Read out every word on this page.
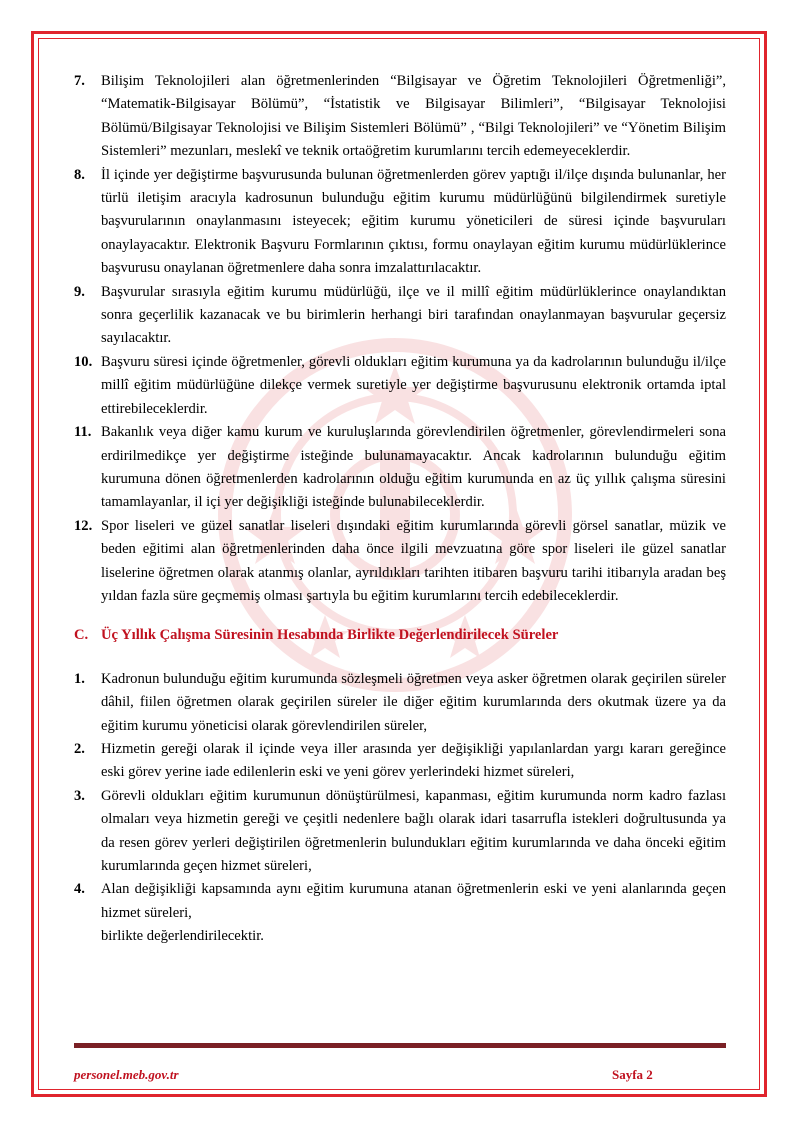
7.	Bilişim Teknolojileri alan öğretmenlerinden “Bilgisayar ve Öğretim Teknolojileri Öğretmenliği”, “Matematik-Bilgisayar Bölümü”, “İstatistik ve Bilgisayar Bilimleri”, “Bilgisayar Teknolojisi Bölümü/Bilgisayar Teknolojisi ve Bilişim Sistemleri Bölümü” , “Bilgi Teknolojileri” ve “Yönetim Bilişim Sistemleri” mezunları, meslekî ve teknik ortaöğretim kurumlarını tercih edemeyeceklerdir.
8.	İl içinde yer değiştirme başvurusunda bulunan öğretmenlerden görev yaptığı il/ilçe dışında bulunanlar, her türlü iletişim aracıyla kadrosunun bulunduğu eğitim kurumu müdürlüğünü bilgilendirmek suretiyle başvurularının onaylanmasını isteyecek; eğitim kurumu yöneticileri de süresi içinde başvuruları onaylayacaktır. Elektronik Başvuru Formlarının çıktısı, formu onaylayan eğitim kurumu müdürlüklerince başvurusu onaylanan öğretmenlere daha sonra imzalattırılacaktır.
9.	Başvurular sırasıyla eğitim kurumu müdürlüğü, ilçe ve il millî eğitim müdürlüklerince onaylandıktan sonra geçerlilik kazanacak ve bu birimlerin herhangi biri tarafından onaylanmayan başvurular geçersiz sayılacaktır.
10. Başvuru süresi içinde öğretmenler, görevli oldukları eğitim kurumuna ya da kadrolarının bulunduğu il/ilçe millî eğitim müdürlüğüne dilekçe vermek suretiyle yer değiştirme başvurusunu elektronik ortamda iptal ettirebileceklerdir.
11. Bakanlık veya diğer kamu kurum ve kuruluşlarında görevlendirilen öğretmenler, görevlendirmeleri sona erdirilmedikçe yer değiştirme isteğinde bulunamayacaktır. Ancak kadrolarının bulunduğu eğitim kurumuna dönen öğretmenlerden kadrolarının olduğu eğitim kurumunda en az üç yıllık çalışma süresini tamamlayanlar, il içi yer değişikliği isteğinde bulunabileceklerdir.
12. Spor liseleri ve güzel sanatlar liseleri dışındaki eğitim kurumlarında görevli görsel sanatlar, müzik ve beden eğitimi alan öğretmenlerinden daha önce ilgili mevzuatına göre spor liseleri ile güzel sanatlar liselerine öğretmen olarak atanmış olanlar, ayrıldıkları tarihten itibaren başvuru tarihi itibarıyla aradan beş yıldan fazla süre geçmemiş olması şartıyla bu eğitim kurumlarını tercih edebileceklerdir.
C. Üç Yıllık Çalışma Süresinin Hesabında Birlikte Değerlendirilecek Süreler
1.	Kadronun bulunduğu eğitim kurumunda sözleşmeli öğretmen veya asker öğretmen olarak geçirilen süreler dâhil, fiilen öğretmen olarak geçirilen süreler ile diğer eğitim kurumlarında ders okutmak üzere ya da eğitim kurumu yöneticisi olarak görevlendirilen süreler,
2.	Hizmetin gereği olarak il içinde veya iller arasında yer değişikliği yapılanlardan yargı kararı gereğince eski görev yerine iade edilenlerin eski ve yeni görev yerlerindeki hizmet süreleri,
3.	Görevli oldukları eğitim kurumunun dönüştürülmesi, kapanması, eğitim kurumunda norm kadro fazlası olmaları veya hizmetin gereği ve çeşitli nedenlere bağlı olarak idari tasarrufla istekleri doğrultusunda ya da resen görev yerleri değiştirilen öğretmenlerin bulundukları eğitim kurumlarında ve daha önceki eğitim kurumlarında geçen hizmet süreleri,
4.	Alan değişikliği kapsamında aynı eğitim kurumuna atanan öğretmenlerin eski ve yeni alanlarında geçen hizmet süreleri,
birlikte değerlendirilecektir.
personel.meb.gov.tr	Sayfa 2
